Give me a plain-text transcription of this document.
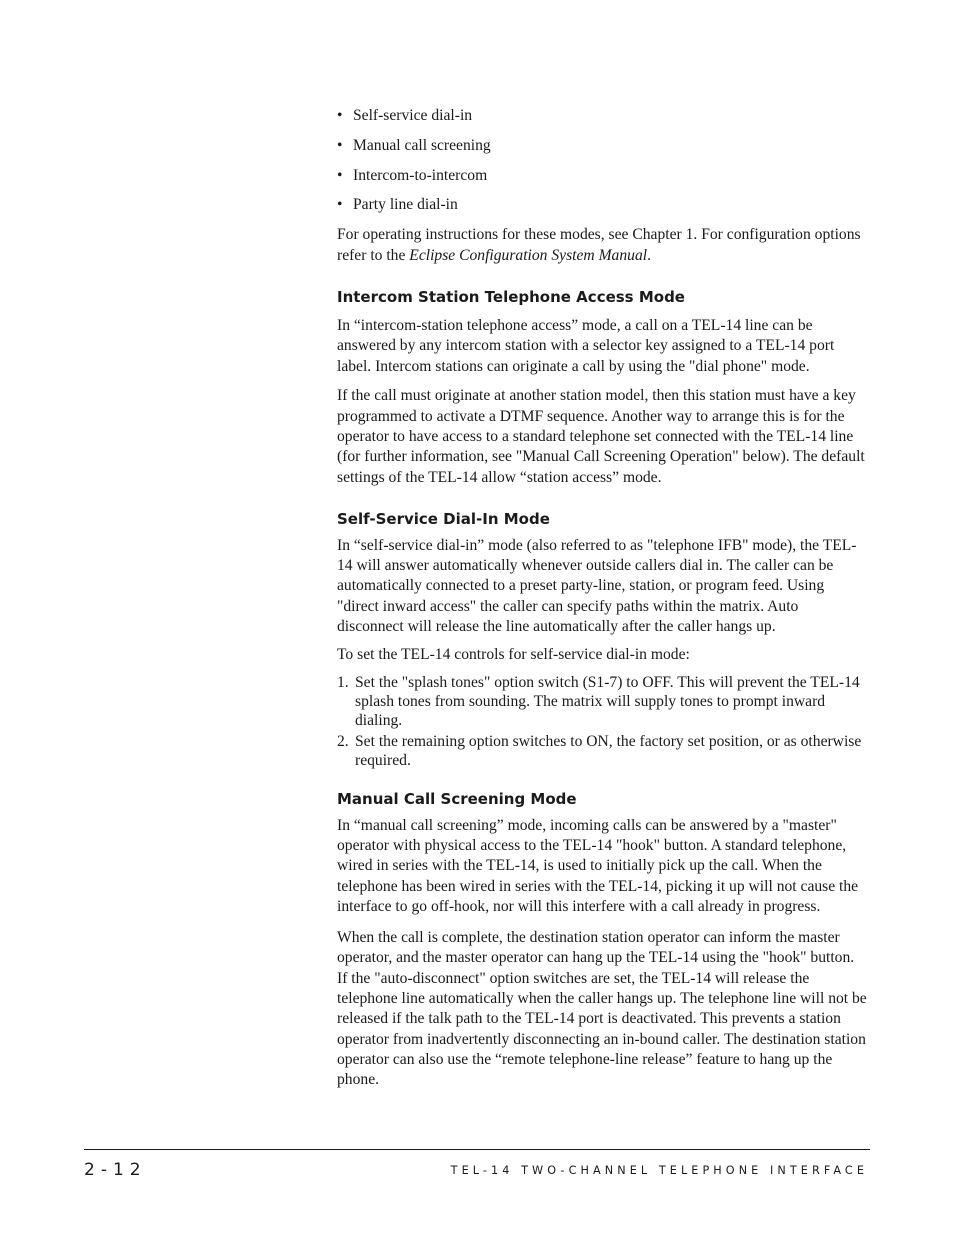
• Self-service dial-in
• Manual call screening
• Intercom-to-intercom
• Party line dial-in

For operating instructions for these modes, see Chapter 1. For configuration options refer to the Eclipse Configuration System Manual.

Intercom Station Telephone Access Mode

In “intercom-station telephone access” mode, a call on a TEL-14 line can be answered by any intercom station with a selector key assigned to a TEL-14 port label. Intercom stations can originate a call by using the "dial phone" mode.

If the call must originate at another station model, then this station must have a key programmed to activate a DTMF sequence. Another way to arrange this is for the operator to have access to a standard telephone set connected with the TEL-14 line (for further information, see "Manual Call Screening Operation" below). The default settings of the TEL-14 allow “station access” mode.

Self-Service Dial-In Mode

In “self-service dial-in” mode (also referred to as "telephone IFB" mode), the TEL-14 will answer automatically whenever outside callers dial in. The caller can be automatically connected to a preset party-line, station, or program feed. Using "direct inward access" the caller can specify paths within the matrix. Auto disconnect will release the line automatically after the caller hangs up.

To set the TEL-14 controls for self-service dial-in mode:

1. Set the "splash tones" option switch (S1-7) to OFF. This will prevent the TEL-14 splash tones from sounding. The matrix will supply tones to prompt inward dialing.
2. Set the remaining option switches to ON, the factory set position, or as otherwise required.
Manual Call Screening Mode

In “manual call screening” mode, incoming calls can be answered by a "master" operator with physical access to the TEL-14 "hook" button. A standard telephone, wired in series with the TEL-14, is used to initially pick up the call. When the telephone has been wired in series with the TEL-14, picking it up will not cause the interface to go off-hook, nor will this interfere with a call already in progress.

When the call is complete, the destination station operator can inform the master operator, and the master operator can hang up the TEL-14 using the "hook" button. If the "auto-disconnect" option switches are set, the TEL-14 will release the telephone line automatically when the caller hangs up. The telephone line will not be released if the talk path to the TEL-14 port is deactivated. This prevents a station operator from inadvertently disconnecting an in-bound caller. The destination station operator can also use the “remote telephone-line release” feature to hang up the phone.

2-12	TEL-14 TWO-CHANNEL TELEPHONE INTERFACE
